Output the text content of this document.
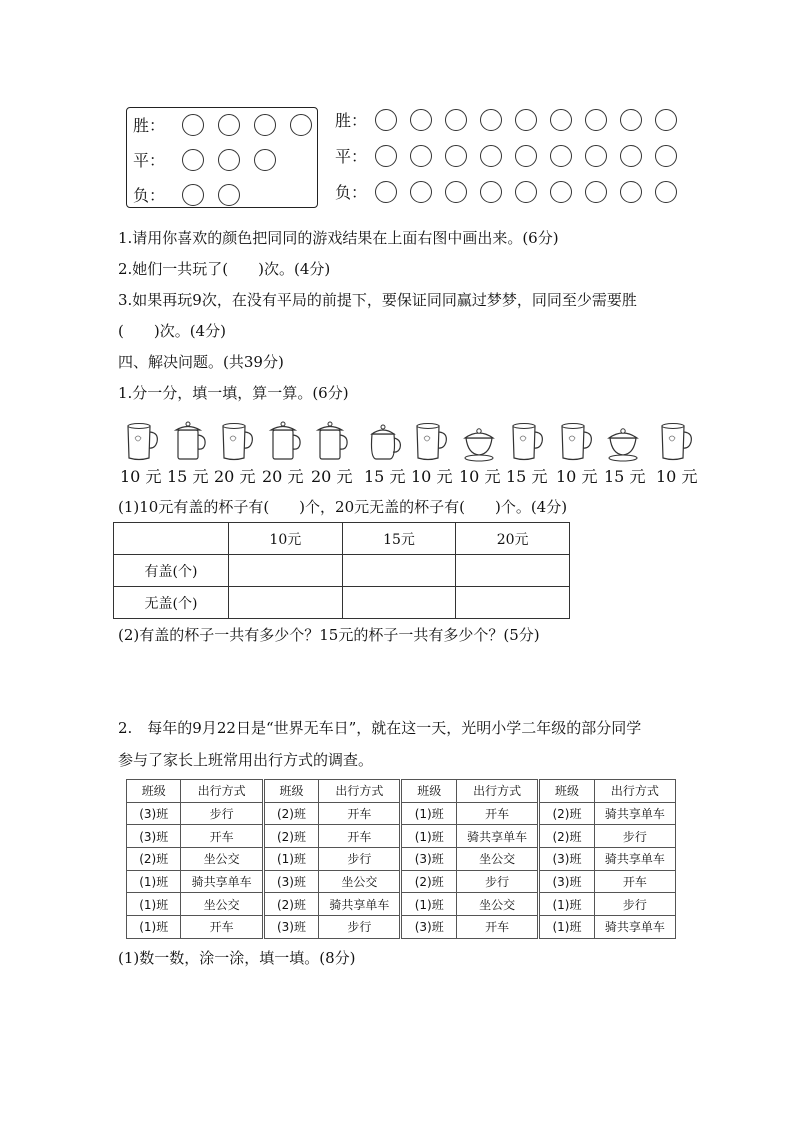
胜：
平：
负：
胜：
平：
负：
1.请用你喜欢的颜色把同同的游戏结果在上面右图中画出来。(6分)
2.她们一共玩了(　　)次。(4分)
3.如果再玩9次，在没有平局的前提下，要保证同同赢过梦梦，同同至少需要胜
(　　)次。(4分)
四、解决问题。(共39分)
1.分一分，填一填，算一算。(6分)
10 元 15 元 20 元 20 元 20 元 15 元 10 元 10 元 15 元 10 元 15 元 10 元
(1)10元有盖的杯子有(　　)个，20元无盖的杯子有(　　)个。(4分)
	10元	15元	20元
有盖(个)			
无盖(个)			
(2)有盖的杯子一共有多少个？15元的杯子一共有多少个？(5分)
2.　每年的9月22日是“世界无车日”，就在这一天，光明小学二年级的部分同学
参与了家长上班常用出行方式的调查。
班级	出行方式	班级	出行方式	班级	出行方式	班级	出行方式
(3)班	步行	(2)班	开车	(1)班	开车	(2)班	骑共享单车
(3)班	开车	(2)班	开车	(1)班	骑共享单车	(2)班	步行
(2)班	坐公交	(1)班	步行	(3)班	坐公交	(3)班	骑共享单车
(1)班	骑共享单车	(3)班	坐公交	(2)班	步行	(3)班	开车
(1)班	坐公交	(2)班	骑共享单车	(1)班	坐公交	(1)班	步行
(1)班	开车	(3)班	步行	(3)班	开车	(1)班	骑共享单车
(1)数一数，涂一涂，填一填。(8分)
